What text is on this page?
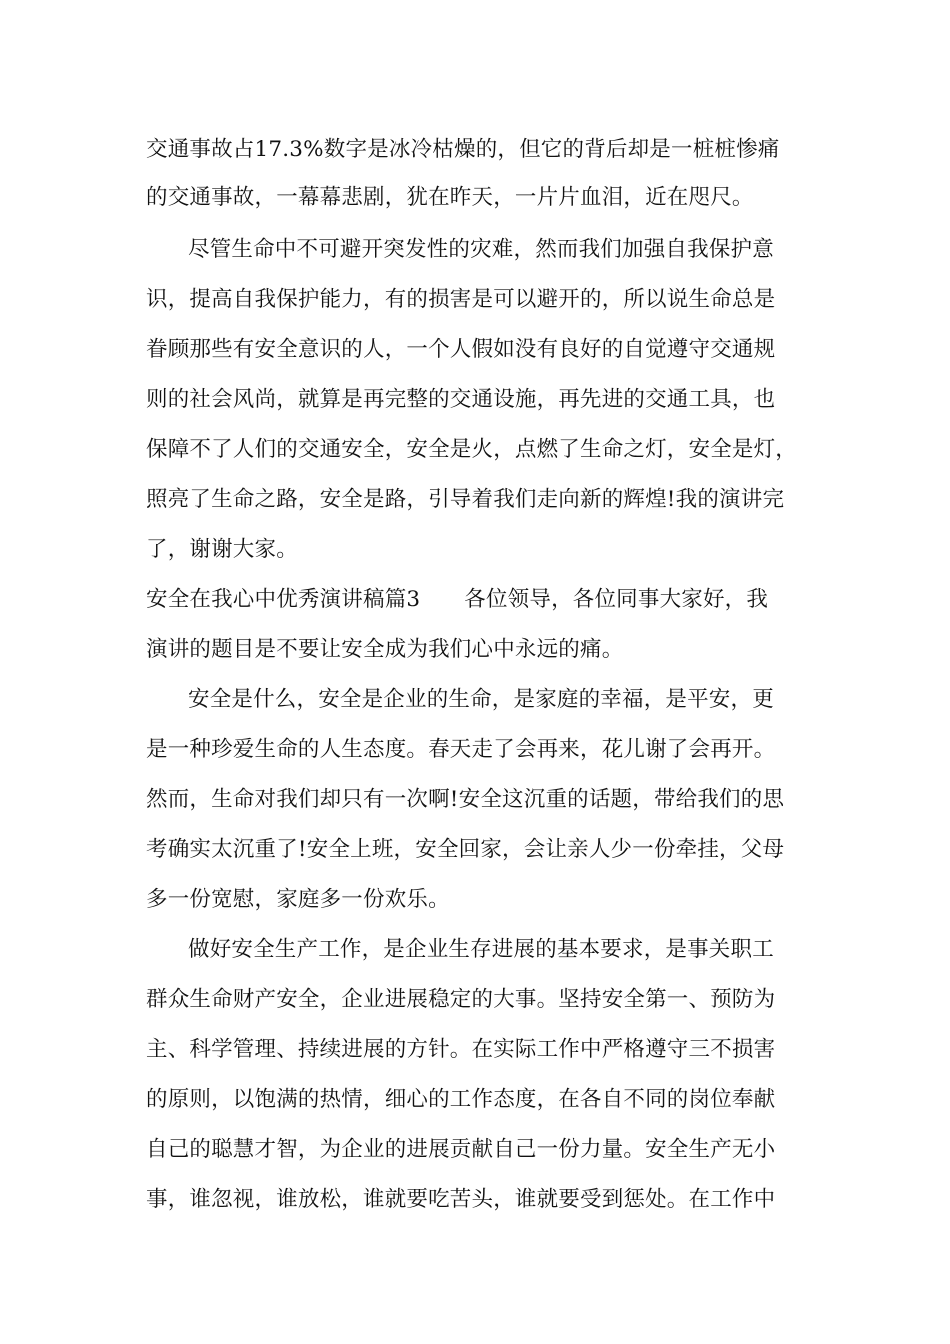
交通事故占17.3%数字是冰冷枯燥的，但它的背后却是一桩桩惨痛
的交通事故，一幕幕悲剧，犹在昨天，一片片血泪，近在咫尺。
尽管生命中不可避开突发性的灾难，然而我们加强自我保护意
识，提高自我保护能力，有的损害是可以避开的，所以说生命总是
眷顾那些有安全意识的人，一个人假如没有良好的自觉遵守交通规
则的社会风尚，就算是再完整的交通设施，再先进的交通工具，也
保障不了人们的交通安全，安全是火，点燃了生命之灯，安全是灯，
照亮了生命之路，安全是路，引导着我们走向新的辉煌!我的演讲完
了，谢谢大家。
安全在我心中优秀演讲稿篇3 各位领导，各位同事大家好，我
演讲的题目是不要让安全成为我们心中永远的痛。
安全是什么，安全是企业的生命，是家庭的幸福，是平安，更
是一种珍爱生命的人生态度。春天走了会再来，花儿谢了会再开。
然而，生命对我们却只有一次啊!安全这沉重的话题，带给我们的思
考确实太沉重了!安全上班，安全回家，会让亲人少一份牵挂，父母
多一份宽慰，家庭多一份欢乐。
做好安全生产工作，是企业生存进展的基本要求，是事关职工
群众生命财产安全，企业进展稳定的大事。坚持安全第一、预防为
主、科学管理、持续进展的方针。在实际工作中严格遵守三不损害
的原则，以饱满的热情，细心的工作态度，在各自不同的岗位奉献
自己的聪慧才智，为企业的进展贡献自己一份力量。安全生产无小
事，谁忽视，谁放松，谁就要吃苦头，谁就要受到惩处。在工作中
